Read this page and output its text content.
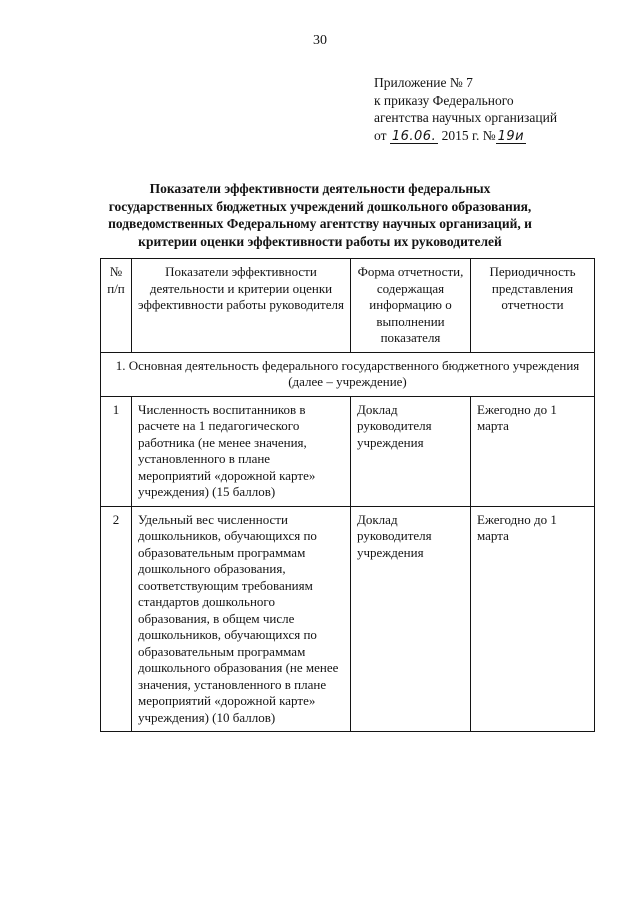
30
Приложение № 7
к приказу Федерального
агентства научных организаций
от 16.06. 2015 г. № 19и
Показатели эффективности деятельности федеральных
государственных бюджетных учреждений дошкольного образования,
подведомственных Федеральному агентству научных организаций, и
критерии оценки эффективности работы их руководителей
№ п/п	Показатели эффективности деятельности и критерии оценки эффективности работы руководителя	Форма отчетности, содержащая информацию о выполнении показателя	Периодичность представления отчетности
1. Основная деятельность федерального государственного бюджетного учреждения (далее – учреждение)			
1	Численность воспитанников в расчете на 1 педагогического работника (не менее значения, установленного в плане мероприятий «дорожной карте» учреждения) (15 баллов)	Доклад руководителя учреждения	Ежегодно до 1 марта
2	Удельный вес численности дошкольников, обучающихся по образовательным программам дошкольного образования, соответствующим требованиям стандартов дошкольного образования, в общем числе дошкольников, обучающихся по образовательным программам дошкольного образования (не менее значения, установленного в плане мероприятий «дорожной карте» учреждения) (10 баллов)	Доклад руководителя учреждения	Ежегодно до 1 марта
